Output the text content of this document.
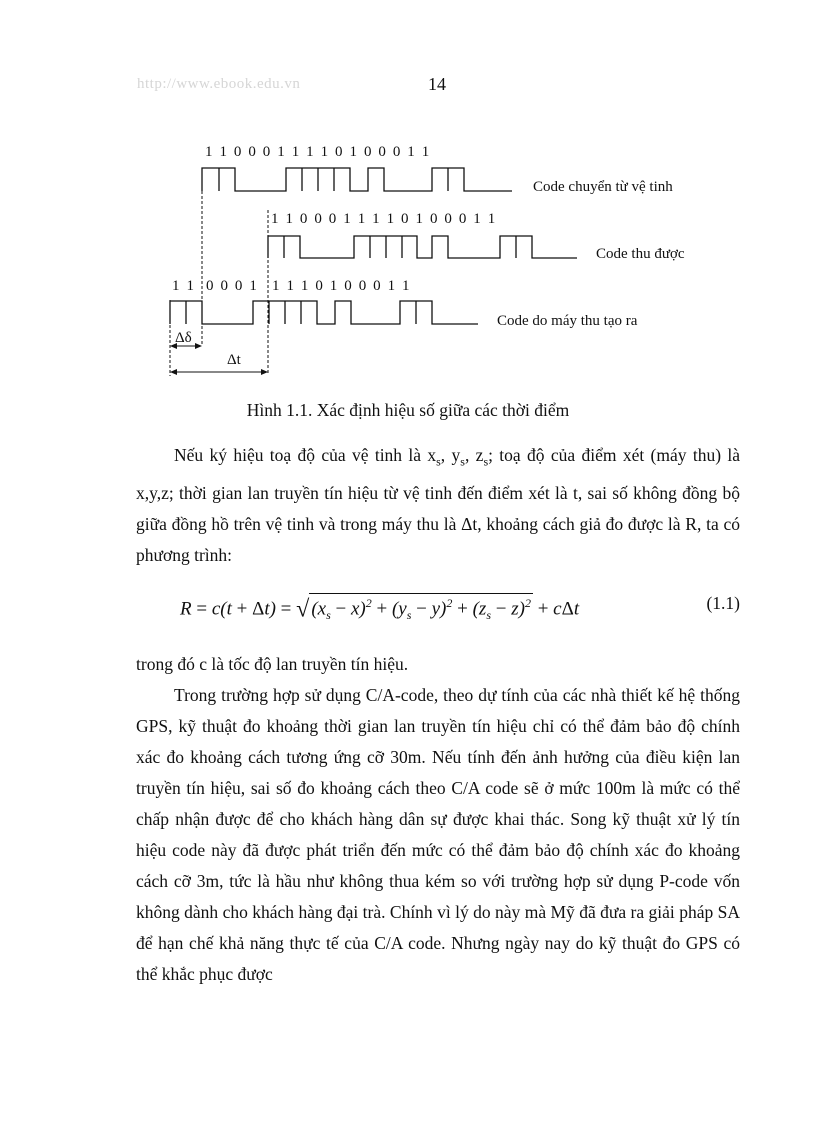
http://www.ebook.edu.vn	14
1 1 0 0 0 1 1 1 1 0 1 0 0 0 1 1
Code chuyển từ vệ tinh
1 1 0 0 0 1 1 1 1 0 1 0 0 0 1 1
Code thu được
1 1 0 0 0 1 1 1 1 0 1 0 0 0 1 1
Code do máy thu tạo ra
Δδ
Δt
Hình 1.1. Xác định hiệu số giữa các thời điểm

Nếu ký hiệu toạ độ của vệ tinh là $x_s$, $y_s$, $z_s$; toạ độ của điểm xét (máy thu) là x,y,z; thời gian lan truyền tín hiệu từ vệ tinh đến điểm xét là t, sai số không đồng bộ giữa đồng hồ trên vệ tinh và trong máy thu là Δt, khoảng cách giả đo được là R, ta có phương trình:

R = c(t + Δt) = √ $(x_s - x)^2 + (y_s - y)^2 + (z_s - z)^2 + c\Delta t$	(1.1)

trong đó c là tốc độ lan truyền tín hiệu.

Trong trường hợp sử dụng C/A-code, theo dự tính của các nhà thiết kế hệ thống GPS, kỹ thuật đo khoảng thời gian lan truyền tín hiệu chỉ có thể đảm bảo độ chính xác đo khoảng cách tương ứng cỡ 30m. Nếu tính đến ảnh hưởng của điều kiện lan truyền tín hiệu, sai số đo khoảng cách theo C/A code sẽ ở mức 100m là mức có thể chấp nhận được để cho khách hàng dân sự được khai thác. Song kỹ thuật xử lý tín hiệu code này đã được phát triển đến mức có thể đảm bảo độ chính xác đo khoảng cách cỡ 3m, tức là hầu như không thua kém so với trường hợp sử dụng P-code vốn không dành cho khách hàng đại trà. Chính vì lý do này mà Mỹ đã đưa ra giải pháp SA để hạn chế khả năng thực tế của C/A code. Nhưng ngày nay do kỹ thuật đo GPS có thể khắc phục được
